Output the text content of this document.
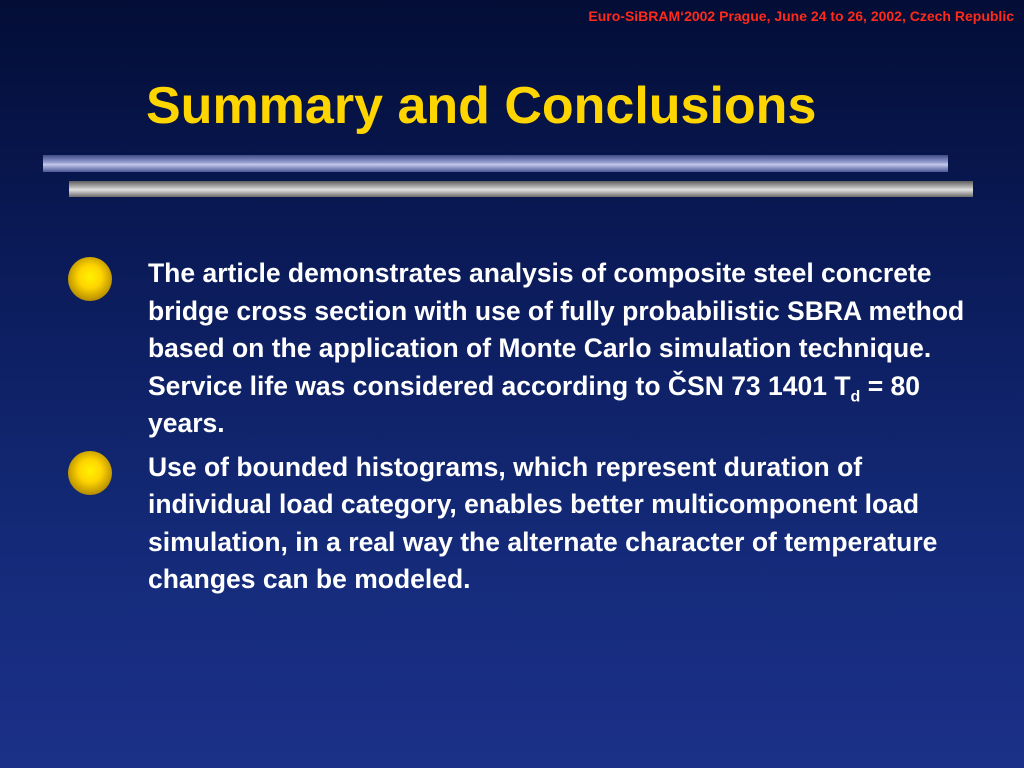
Euro-SiBRAM‘2002 Prague, June 24 to 26, 2002, Czech Republic
Summary and Conclusions

The article demonstrates analysis of composite steel concrete bridge cross section with use of fully probabilistic SBRA method based on the application of Monte Carlo simulation technique. Service life was considered according to ČSN 73 1401 $T_d = 80$ years.

Use of bounded histograms, which represent duration of individual load category, enables better multicomponent load simulation, in a real way the alternate character of temperature changes can be modeled.
